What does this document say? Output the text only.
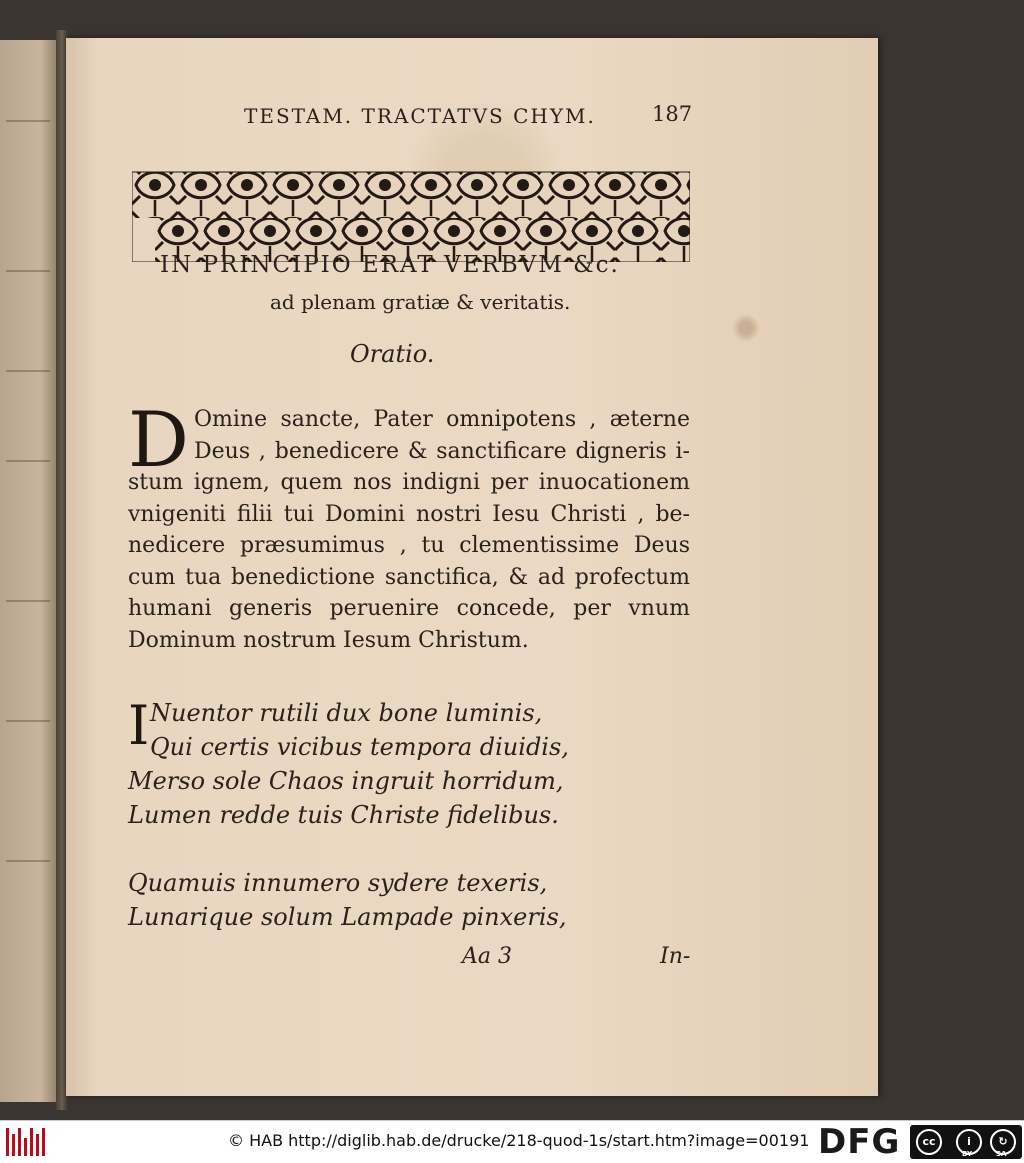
TESTAM. TRACTATVS CHYM.	187
IN PRINCIPIO ERAT VERBVM &c.
ad plenam gratiæ & veritatis.
Oratio.
D Omine sancte, Pater omnipotens , æterne
Deus , benedicere & sanctificare digneris i-
stum ignem, quem nos indigni per inuocationem
vnigeniti filii tui Domini nostri Iesu Christi , be-
nedicere præsumimus , tu clementissime Deus
cum tua benedictione sanctifica, & ad profectum
humani generis peruenire concede, per vnum
Dominum nostrum Iesum Christum.
I Nuentor rutili dux bone luminis,
Qui certis vicibus tempora diuidis,
Merso sole Chaos ingruit horridum,
Lumen redde tuis Christe fidelibus.
Quamuis innumero sydere texeris,
Lunarique solum Lampade pinxeris,
Aa 3	In-
© HAB http://diglib.hab.de/drucke/218-quod-1s/start.htm?image=00191 DFG	cc	i	↻
BY	SA
